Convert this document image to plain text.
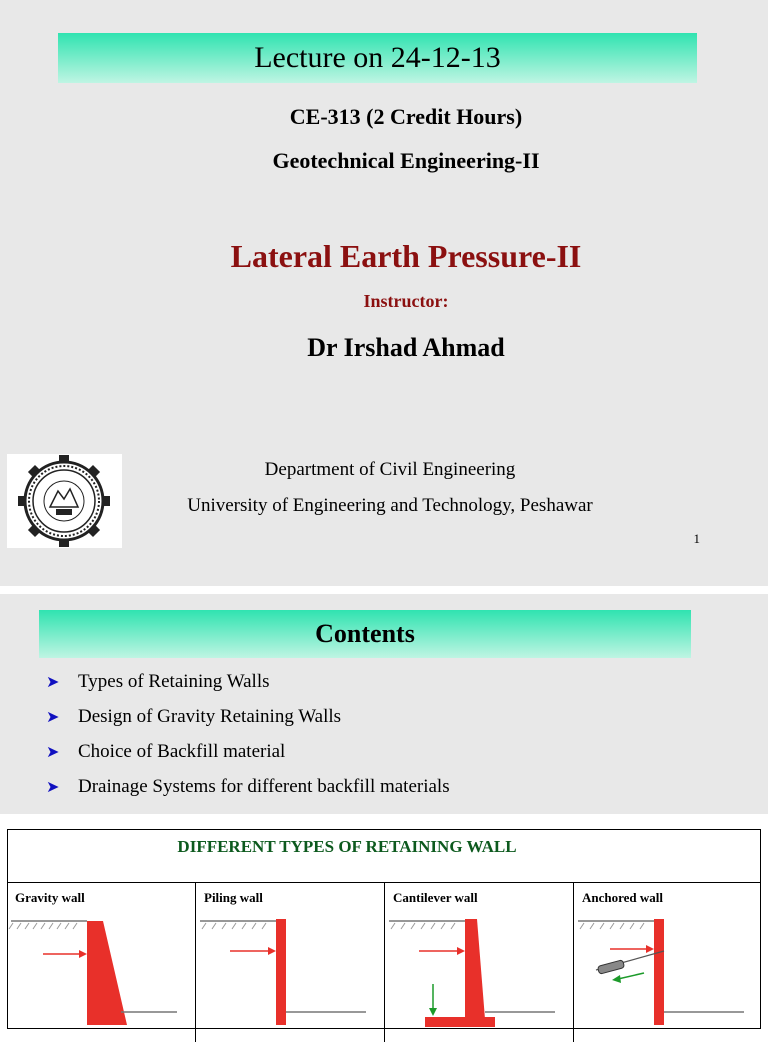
Lecture on 24-12-13
CE-313 (2 Credit Hours)
Geotechnical Engineering-II
Lateral Earth Pressure-II
Instructor:
Dr Irshad Ahmad
Department of Civil Engineering
University of Engineering and Technology, Peshawar
1
Contents
➤ Types of Retaining Walls
➤ Design of Gravity Retaining Walls
➤ Choice of Backfill material
➤ Drainage Systems for different backfill materials
DIFFERENT TYPES OF RETAINING WALL
Gravity wall	Piling wall	Cantilever wall	Anchored wall
